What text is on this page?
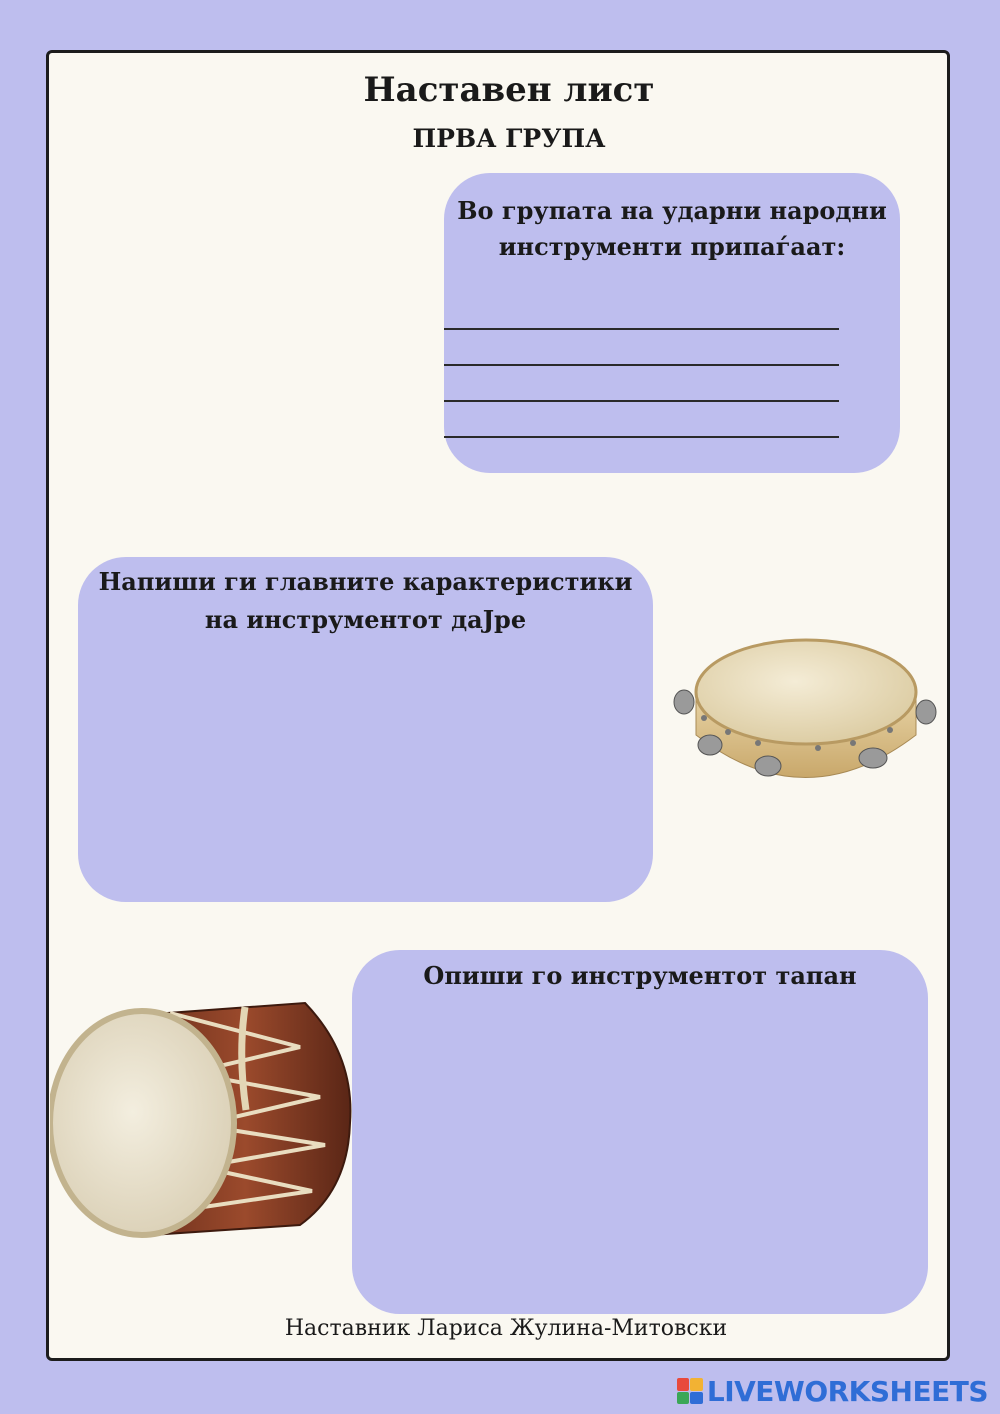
Наставен лист
ПРВА ГРУПА
Во групата на ударни народни
инструменти припаѓаат:
Напиши ги главните карактеристики
на инструментот даЈре
Опиши го инструментот тапан
Наставник Лариса Жулина-Митовски
LIVEWORKSHEETS
